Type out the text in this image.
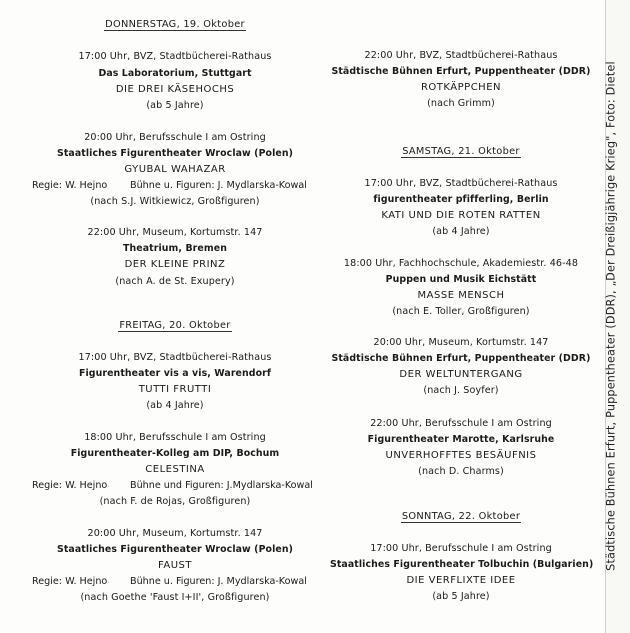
DONNERSTAG, 19. Oktober
17:00 Uhr, BVZ, Stadtbücherei-Rathaus
Das Laboratorium, Stuttgart
DIE DREI KÄSEHOCHS
(ab 5 Jahre)
20:00 Uhr, Berufsschule I am Ostring
Staatliches Figurentheater Wroclaw (Polen)
GYUBAL WAHAZAR
Regie: W. Hejno Bühne u. Figuren: J. Mydlarska-Kowal
(nach S.J. Witkiewicz, Großfiguren)
22:00 Uhr, Museum, Kortumstr. 147
Theatrium, Bremen
DER KLEINE PRINZ
(nach A. de St. Exupery)
FREITAG, 20. Oktober
17:00 Uhr, BVZ, Stadtbücherei-Rathaus
Figurentheater vis a vis, Warendorf
TUTTI FRUTTI
(ab 4 Jahre)
18:00 Uhr, Berufsschule I am Ostring
Figurentheater-Kolleg am DIP, Bochum
CELESTINA
Regie: W. Hejno Bühne und Figuren: J.Mydlarska-Kowal
(nach F. de Rojas, Großfiguren)
20:00 Uhr, Museum, Kortumstr. 147
Staatliches Figurentheater Wroclaw (Polen)
FAUST
Regie: W. Hejno Bühne u. Figuren: J. Mydlarska-Kowal
(nach Goethe 'Faust I+II', Großfiguren)
22:00 Uhr, BVZ, Stadtbücherei-Rathaus
Städtische Bühnen Erfurt, Puppentheater (DDR)
ROTKÄPPCHEN
(nach Grimm)
SAMSTAG, 21. Oktober
17:00 Uhr, BVZ, Stadtbücherei-Rathaus
figurentheater pfifferling, Berlin
KATI UND DIE ROTEN RATTEN
(ab 4 Jahre)
18:00 Uhr, Fachhochschule, Akademiestr. 46-48
Puppen und Musik Eichstätt
MASSE MENSCH
(nach E. Toller, Großfiguren)
20:00 Uhr, Museum, Kortumstr. 147
Städtische Bühnen Erfurt, Puppentheater (DDR)
DER WELTUNTERGANG
(nach J. Soyfer)
22:00 Uhr, Berufsschule I am Ostring
Figurentheater Marotte, Karlsruhe
UNVERHOFFTES BESÄUFNIS
(nach D. Charms)
SONNTAG, 22. Oktober
17:00 Uhr, Berufsschule I am Ostring
Staatliches Figurentheater Tolbuchin (Bulgarien)
DIE VERFLIXTE IDEE
(ab 5 Jahre)
Städtische Bühnen Erfurt, Puppentheater (DDR), „Der Dreißigjährige Krieg", Foto: Dietel
